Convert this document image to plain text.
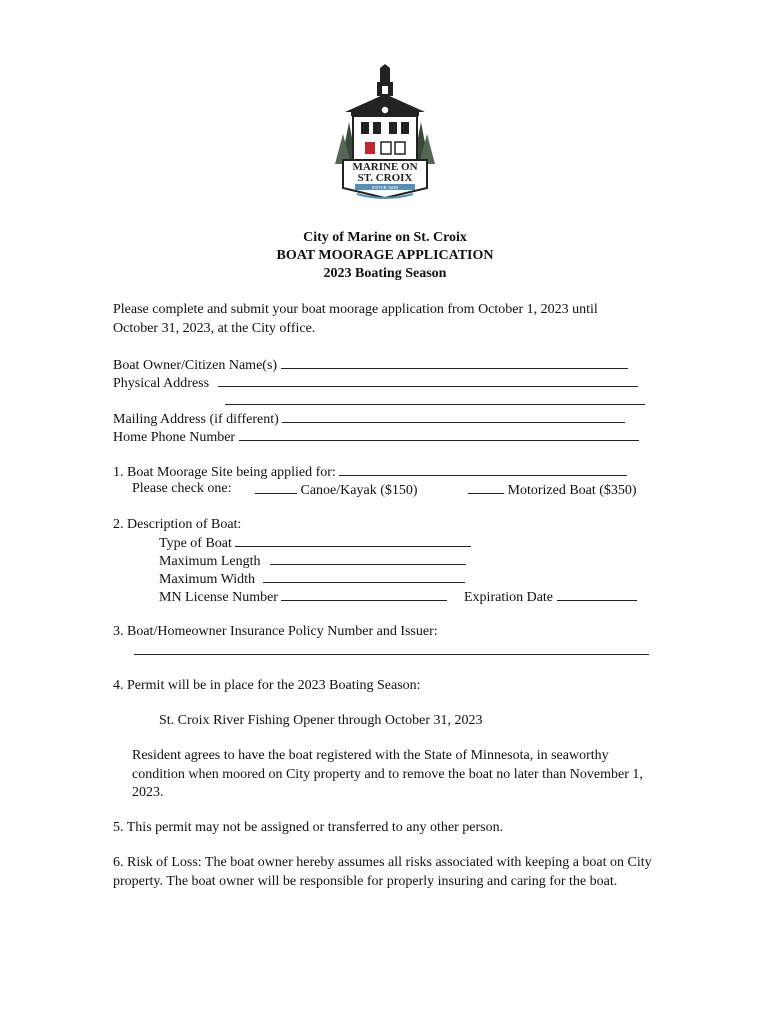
MARINE ON
ST. CROIX
ESTAB 1839
City of Marine on St. Croix
BOAT MOORAGE APPLICATION
2023 Boating Season
Please complete and submit your boat moorage application from October 1, 2023 until October 31, 2023, at the City office.
Boat Owner/Citizen Name(s)
Physical Address
Mailing Address (if different)
Home Phone Number
1. Boat Moorage Site being applied for:
Please check one:	Canoe/Kayak ($150)	Motorized Boat ($350)
2. Description of Boat:
Type of Boat
Maximum Length
Maximum Width
MN License Number	Expiration Date
3. Boat/Homeowner Insurance Policy Number and Issuer:
4. Permit will be in place for the 2023 Boating Season:
St. Croix River Fishing Opener through October 31, 2023
Resident agrees to have the boat registered with the State of Minnesota, in seaworthy condition when moored on City property and to remove the boat no later than November 1, 2023.
5. This permit may not be assigned or transferred to any other person.
6. Risk of Loss: The boat owner hereby assumes all risks associated with keeping a boat on City property. The boat owner will be responsible for properly insuring and caring for the boat.
